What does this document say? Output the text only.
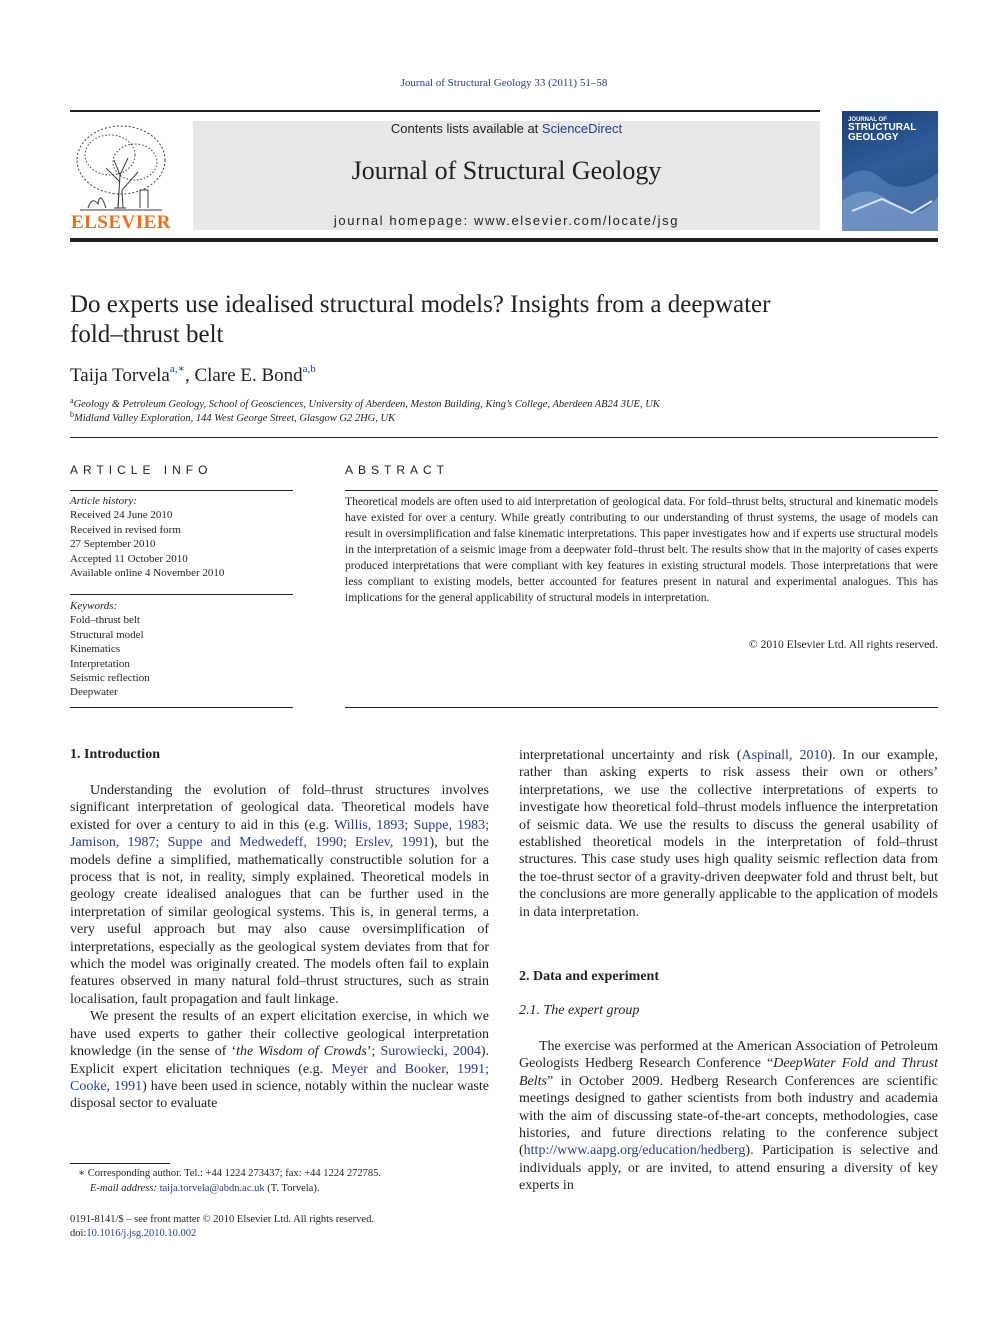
Journal of Structural Geology 33 (2011) 51–58
ELSEVIER
Contents lists available at ScienceDirect
Journal of Structural Geology
journal homepage: www.elsevier.com/locate/jsg
JOURNAL OF
STRUCTURAL
GEOLOGY
Do experts use idealised structural models? Insights from a deepwater
fold–thrust belt
Taija Torvela$^{a,∗}$, Clare E. Bond$^{a,b}$
$^a$Geology & Petroleum Geology, School of Geosciences, University of Aberdeen, Meston Building, King’s College, Aberdeen AB24 3UE, UK
$^b$Midland Valley Exploration, 144 West George Street, Glasgow G2 2HG, UK
ARTICLE INFO
Article history:
Received 24 June 2010
Received in revised form
27 September 2010
Accepted 11 October 2010
Available online 4 November 2010
Keywords:
Fold–thrust belt
Structural model
Kinematics
Interpretation
Seismic reflection
Deepwater
ABSTRACT
Theoretical models are often used to aid interpretation of geological data. For fold–thrust belts, structural and kinematic models have existed for over a century. While greatly contributing to our understanding of thrust systems, the usage of models can result in oversimplification and false kinematic interpretations. This paper investigates how and if experts use structural models in the interpretation of a seismic image from a deepwater fold–thrust belt. The results show that in the majority of cases experts produced interpretations that were compliant with key features in existing structural models. Those interpretations that were less compliant to existing models, better accounted for features present in natural and experimental analogues. This has implications for the general applicability of structural models in interpretation.
© 2010 Elsevier Ltd. All rights reserved.
1. Introduction

Understanding the evolution of fold–thrust structures involves significant interpretation of geological data. Theoretical models have existed for over a century to aid in this (e.g. Willis, 1893; Suppe, 1983; Jamison, 1987; Suppe and Medwedeff, 1990; Erslev, 1991), but the models define a simplified, mathematically constructible solution for a process that is not, in reality, simply explained. Theoretical models in geology create idealised analogues that can be further used in the interpretation of similar geological systems. This is, in general terms, a very useful approach but may also cause oversimplification of interpretations, especially as the geological system deviates from that for which the model was originally created. The models often fail to explain features observed in many natural fold–thrust structures, such as strain localisation, fault propagation and fault linkage.

We present the results of an expert elicitation exercise, in which we have used experts to gather their collective geological interpretation knowledge (in the sense of ‘the Wisdom of Crowds’; Surowiecki, 2004). Explicit expert elicitation techniques (e.g. Meyer and Booker, 1991; Cooke, 1991) have been used in science, notably within the nuclear waste disposal sector to evaluate

∗ Corresponding author. Tel.: +44 1224 273437; fax: +44 1224 272785.
E-mail address: taija.torvela@abdn.ac.uk (T. Torvela).
0191-8141/$ – see front matter © 2010 Elsevier Ltd. All rights reserved.
doi:10.1016/j.jsg.2010.10.002

interpretational uncertainty and risk (Aspinall, 2010). In our example, rather than asking experts to risk assess their own or others’ interpretations, we use the collective interpretations of experts to investigate how theoretical fold–thrust models influence the interpretation of seismic data. We use the results to discuss the general usability of established theoretical models in the interpretation of fold–thrust structures. This case study uses high quality seismic reflection data from the toe-thrust sector of a gravity-driven deepwater fold and thrust belt, but the conclusions are more generally applicable to the application of models in data interpretation.

2. Data and experiment
2.1. The expert group

The exercise was performed at the American Association of Petroleum Geologists Hedberg Research Conference “DeepWater Fold and Thrust Belts” in October 2009. Hedberg Research Conferences are scientific meetings designed to gather scientists from both industry and academia with the aim of discussing state-of-the-art concepts, methodologies, case histories, and future directions relating to the conference subject (http://www.aapg.org/education/hedberg). Participation is selective and individuals apply, or are invited, to attend ensuring a diversity of key experts in
